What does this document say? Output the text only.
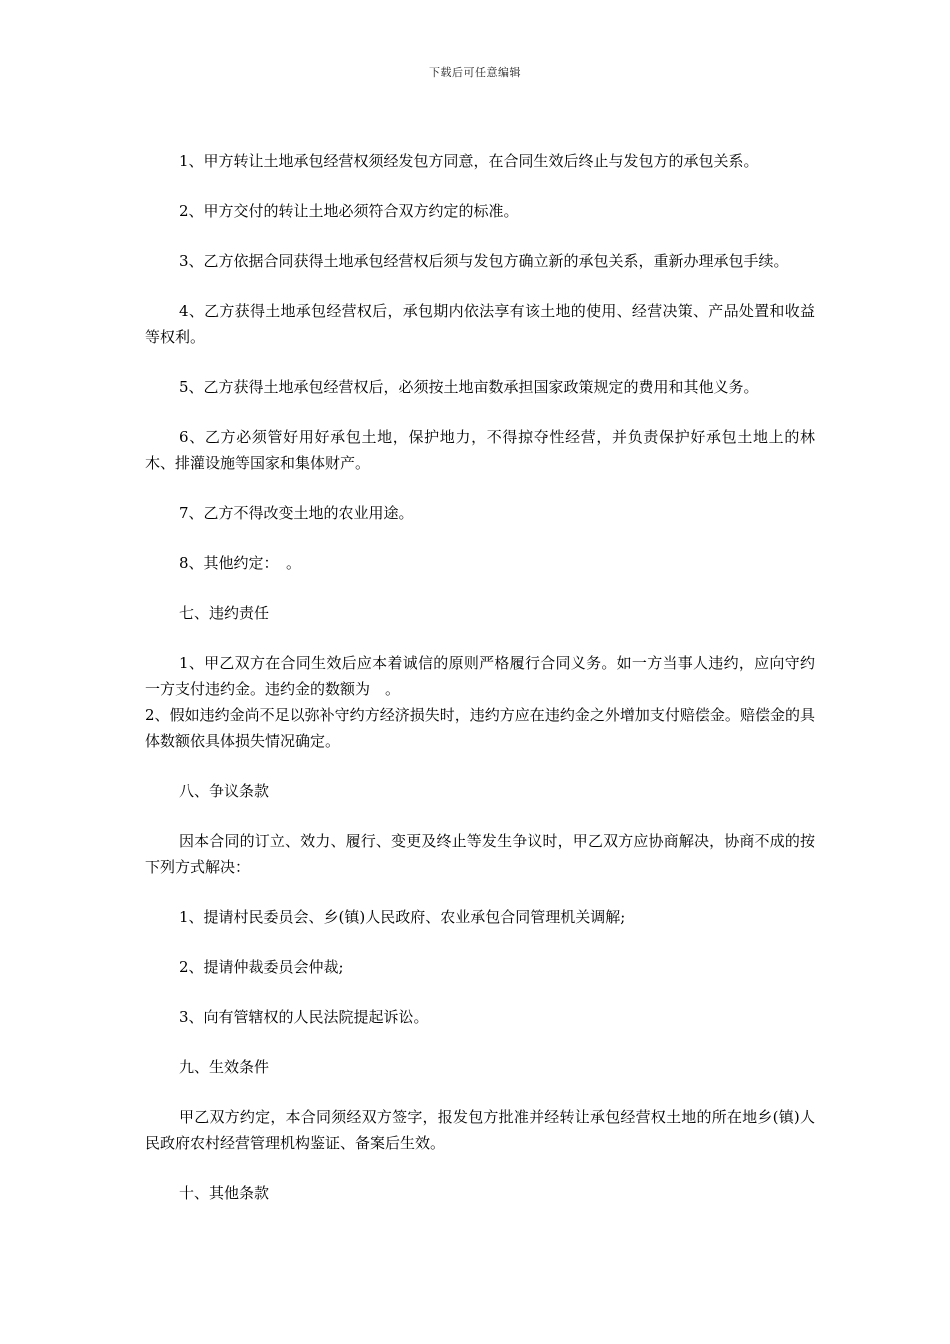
下载后可任意编辑

1、甲方转让土地承包经营权须经发包方同意，在合同生效后终止与发包方的承包关系。

2、甲方交付的转让土地必须符合双方约定的标准。

3、乙方依据合同获得土地承包经营权后须与发包方确立新的承包关系，重新办理承包手续。

4、乙方获得土地承包经营权后，承包期内依法享有该土地的使用、经营决策、产品处置和收益等权利。

5、乙方获得土地承包经营权后，必须按土地亩数承担国家政策规定的费用和其他义务。

6、乙方必须管好用好承包土地，保护地力，不得掠夺性经营，并负责保护好承包土地上的林木、排灌设施等国家和集体财产。

7、乙方不得改变土地的农业用途。

8、其他约定：　。

七、违约责任

1、甲乙双方在合同生效后应本着诚信的原则严格履行合同义务。如一方当事人违约，应向守约一方支付违约金。违约金的数额为　。

2、假如违约金尚不足以弥补守约方经济损失时，违约方应在违约金之外增加支付赔偿金。赔偿金的具体数额依具体损失情况确定。

八、争议条款

因本合同的订立、效力、履行、变更及终止等发生争议时，甲乙双方应协商解决，协商不成的按下列方式解决：

1、提请村民委员会、乡(镇)人民政府、农业承包合同管理机关调解;

2、提请仲裁委员会仲裁;

3、向有管辖权的人民法院提起诉讼。

九、生效条件

甲乙双方约定，本合同须经双方签字，报发包方批准并经转让承包经营权土地的所在地乡(镇)人民政府农村经营管理机构鉴证、备案后生效。

十、其他条款
